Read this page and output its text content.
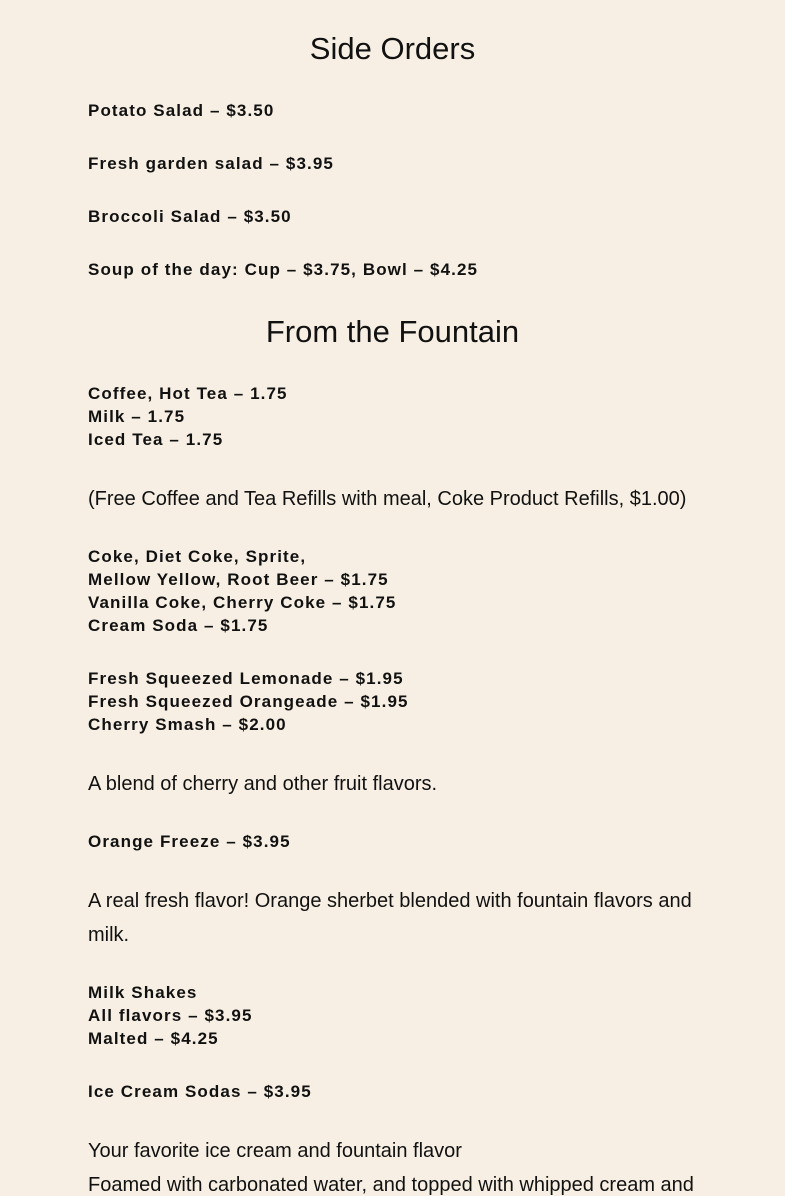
Side Orders

Potato Salad – $3.50

Fresh garden salad – $3.95

Broccoli Salad – $3.50

Soup of the day: Cup – $3.75, Bowl – $4.25

From the Fountain

Coffee, Hot Tea – 1.75

Milk – 1.75

Iced Tea – 1.75

(Free Coffee and Tea Refills with meal, Coke Product Refills, $1.00)

Coke, Diet Coke, Sprite,

Mellow Yellow, Root Beer – $1.75

Vanilla Coke, Cherry Coke – $1.75

Cream Soda – $1.75

Fresh Squeezed Lemonade – $1.95

Fresh Squeezed Orangeade – $1.95

Cherry Smash – $2.00

A blend of cherry and other fruit flavors.

Orange Freeze – $3.95

A real fresh flavor! Orange sherbet blended with fountain flavors and milk.

Milk Shakes

All flavors – $3.95

Malted – $4.25

Ice Cream Sodas – $3.95

Your favorite ice cream and fountain flavor

Foamed with carbonated water, and topped with whipped cream and
